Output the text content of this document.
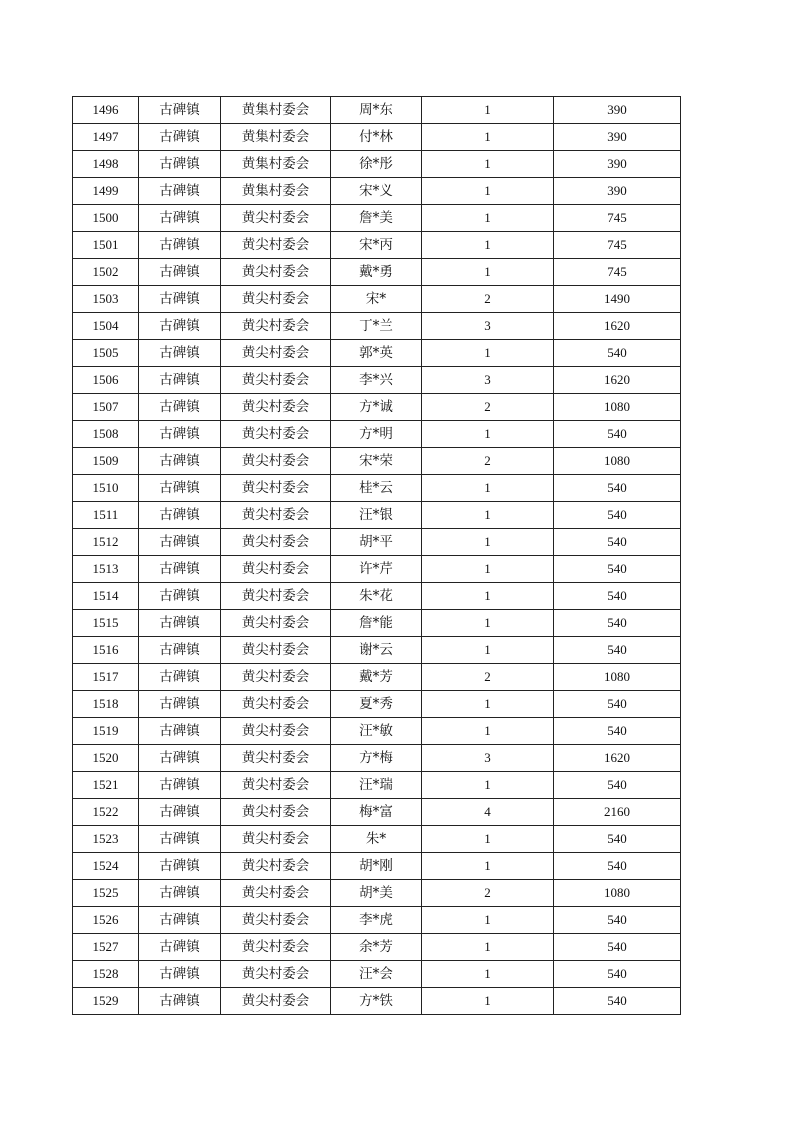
1496	古碑镇	黄集村委会	周*东	1	390
1497	古碑镇	黄集村委会	付*林	1	390
1498	古碑镇	黄集村委会	徐*彤	1	390
1499	古碑镇	黄集村委会	宋*义	1	390
1500	古碑镇	黄尖村委会	詹*美	1	745
1501	古碑镇	黄尖村委会	宋*丙	1	745
1502	古碑镇	黄尖村委会	戴*勇	1	745
1503	古碑镇	黄尖村委会	宋*	2	1490
1504	古碑镇	黄尖村委会	丁*兰	3	1620
1505	古碑镇	黄尖村委会	郭*英	1	540
1506	古碑镇	黄尖村委会	李*兴	3	1620
1507	古碑镇	黄尖村委会	方*诚	2	1080
1508	古碑镇	黄尖村委会	方*明	1	540
1509	古碑镇	黄尖村委会	宋*荣	2	1080
1510	古碑镇	黄尖村委会	桂*云	1	540
1511	古碑镇	黄尖村委会	汪*银	1	540
1512	古碑镇	黄尖村委会	胡*平	1	540
1513	古碑镇	黄尖村委会	许*芹	1	540
1514	古碑镇	黄尖村委会	朱*花	1	540
1515	古碑镇	黄尖村委会	詹*能	1	540
1516	古碑镇	黄尖村委会	谢*云	1	540
1517	古碑镇	黄尖村委会	戴*芳	2	1080
1518	古碑镇	黄尖村委会	夏*秀	1	540
1519	古碑镇	黄尖村委会	汪*敏	1	540
1520	古碑镇	黄尖村委会	方*梅	3	1620
1521	古碑镇	黄尖村委会	汪*瑞	1	540
1522	古碑镇	黄尖村委会	梅*富	4	2160
1523	古碑镇	黄尖村委会	朱*	1	540
1524	古碑镇	黄尖村委会	胡*刚	1	540
1525	古碑镇	黄尖村委会	胡*美	2	1080
1526	古碑镇	黄尖村委会	李*虎	1	540
1527	古碑镇	黄尖村委会	余*芳	1	540
1528	古碑镇	黄尖村委会	汪*会	1	540
1529	古碑镇	黄尖村委会	方*铁	1	540
